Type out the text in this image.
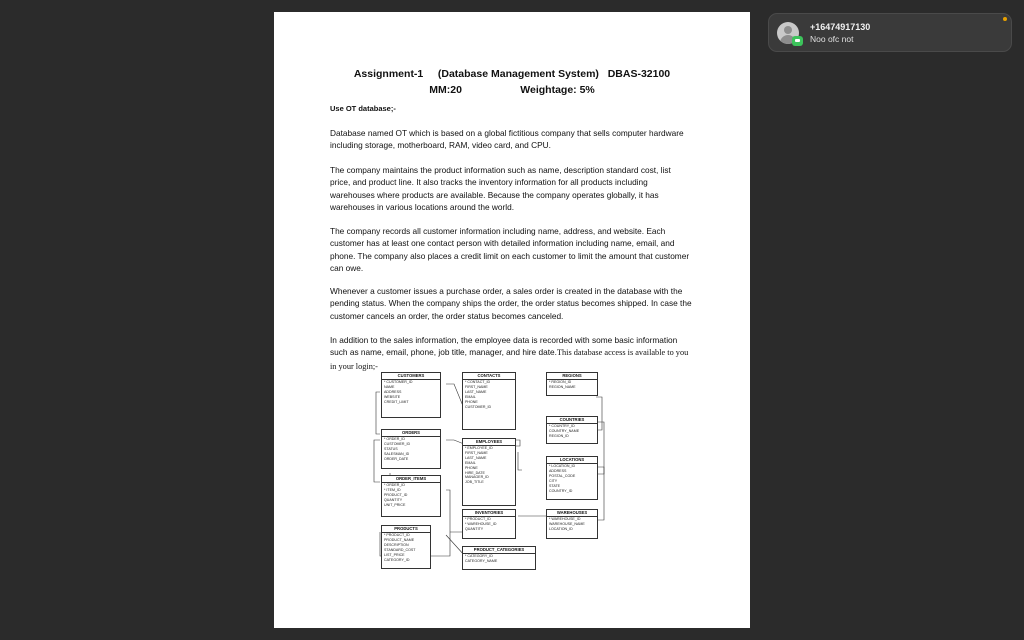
+16474917130
Noo ofc not
Assignment-1 (Database Management System) DBAS-32100
MM:20	Weightage: 5%
Use OT database;-
Database named OT which is based on a global fictitious company that sells computer hardware including storage, motherboard, RAM, video card, and CPU.
The company maintains the product information such as name, description standard cost, list price, and product line. It also tracks the inventory information for all products including warehouses where products are available. Because the company operates globally, it has warehouses in various locations around the world.
The company records all customer information including name, address, and website. Each customer has at least one contact person with detailed information including name, email, and phone. The company also places a credit limit on each customer to limit the amount that customer can owe.
Whenever a customer issues a purchase order, a sales order is created in the database with the pending status. When the company ships the order, the order status becomes shipped. In case the customer cancels an order, the order status becomes canceled.
In addition to the sales information, the employee data is recorded with some basic information such as name, email, phone, job title, manager, and hire date.This database access is available to you in your login;-
CUSTOMERS
* CUSTOMER_ID
NAME
ADDRESS
WEBSITE
CREDIT_LIMIT
CONTACTS
* CONTACT_ID
FIRST_NAME
LAST_NAME
EMAIL
PHONE
CUSTOMER_ID
REGIONS
* REGION_ID
REGION_NAME
COUNTRIES
* COUNTRY_ID
COUNTRY_NAME
REGION_ID
ORDERS
* ORDER_ID
CUSTOMER_ID
STATUS
SALESMAN_ID
ORDER_DATE
EMPLOYEES
* EMPLOYEE_ID
FIRST_NAME
LAST_NAME
EMAIL
PHONE
HIRE_DATE
MANAGER_ID
JOB_TITLE
LOCATIONS
* LOCATION_ID
ADDRESS
POSTAL_CODE
CITY
STATE
COUNTRY_ID
ORDER_ITEMS
* ORDER_ID
* ITEM_ID
PRODUCT_ID
QUANTITY
UNIT_PRICE
INVENTORIES
* PRODUCT_ID
* WAREHOUSE_ID
QUANTITY
WAREHOUSES
* WAREHOUSE_ID
WAREHOUSE_NAME
LOCATION_ID
PRODUCTS
* PRODUCT_ID
PRODUCT_NAME
DESCRIPTION
STANDARD_COST
LIST_PRICE
CATEGORY_ID
PRODUCT_CATEGORIES
* CATEGORY_ID
CATEGORY_NAME
